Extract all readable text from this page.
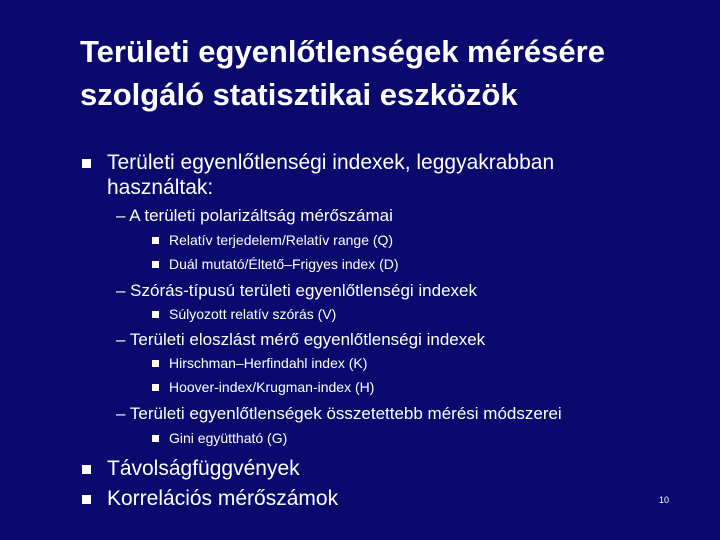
Területi egyenlőtlenségek mérésére
szolgáló statisztikai eszközök
Területi egyenlőtlenségi indexek, leggyakrabban
használtak:
– A területi polarizáltság mérőszámai
Relatív terjedelem/Relatív range (Q)
Duál mutató/Éltető–Frigyes index (D)
– Szórás-típusú területi egyenlőtlenségi indexek
Súlyozott relatív szórás (V)
– Területi eloszlást mérő egyenlőtlenségi indexek
Hirschman–Herfindahl index (K)
Hoover-index/Krugman-index (H)
– Területi egyenlőtlenségek összetettebb mérési módszerei
Gini együttható (G)
Távolságfüggvények
Korrelációs mérőszámok	10
